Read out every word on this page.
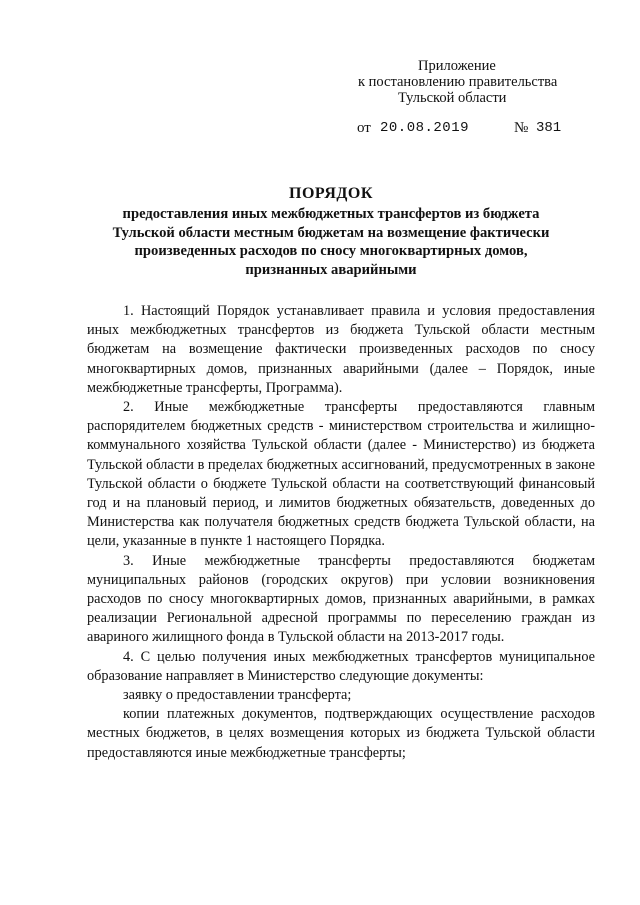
Приложение
к постановлению правительства
Тульской области
от 20.08.2019	№ 381
ПОРЯДОК
предоставления иных межбюджетных трансфертов из бюджета Тульской области местным бюджетам на возмещение фактически произведенных расходов по сносу многоквартирных домов, признанных аварийными

1. Настоящий Порядок устанавливает правила и условия предоставления иных межбюджетных трансфертов из бюджета Тульской области местным бюджетам на возмещение фактически произведенных расходов по сносу многоквартирных домов, признанных аварийными (далее – Порядок, иные межбюджетные трансферты, Программа).

2. Иные межбюджетные трансферты предоставляются главным распорядителем бюджетных средств - министерством строительства и жилищно-коммунального хозяйства Тульской области (далее - Министерство) из бюджета Тульской области в пределах бюджетных ассигнований, предусмотренных в законе Тульской области о бюджете Тульской области на соответствующий финансовый год и на плановый период, и лимитов бюджетных обязательств, доведенных до Министерства как получателя бюджетных средств бюджета Тульской области, на цели, указанные в пункте 1 настоящего Порядка.

3. Иные межбюджетные трансферты предоставляются бюджетам муниципальных районов (городских округов) при условии возникновения расходов по сносу многоквартирных домов, признанных аварийными, в рамках реализации Региональной адресной программы по переселению граждан из авариного жилищного фонда в Тульской области на 2013-2017 годы.

4. С целью получения иных межбюджетных трансфертов муниципальное образование направляет в Министерство следующие документы:

заявку о предоставлении трансферта;

копии платежных документов, подтверждающих осуществление расходов местных бюджетов, в целях возмещения которых из бюджета Тульской области предоставляются иные межбюджетные трансферты;
